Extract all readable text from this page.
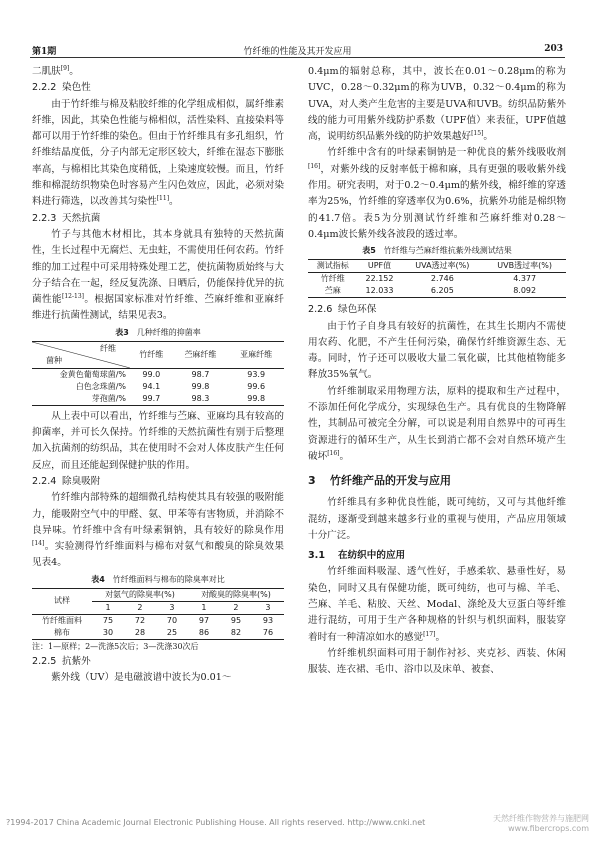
第1期	竹纤维的性能及其开发应用	203

二肌肤[9]。

2.2.2 染色性

由于竹纤维与棉及粘胶纤维的化学组成相似，属纤维素纤维，因此，其染色性能与棉相似，活性染料、直接染料等都可以用于竹纤维的染色。但由于竹纤维具有多孔组织，竹纤维结晶度低，分子内部无定形区较大，纤维在湿态下膨胀率高，与棉相比其染色度稍低，上染速度较慢。而且，竹纤维和棉混纺织物染色时容易产生闪色效应，因此，必须对染料进行筛选，以改善其匀染性[11]。

2.2.3 天然抗菌

竹子与其他木材相比，其本身就具有独特的天然抗菌性，生长过程中无腐烂、无虫蛀，不需使用任何农药。竹纤维的加工过程中可采用特殊处理工艺，使抗菌物质始终与大分子结合在一起，经反复洗涤、日晒后，仍能保持优异的抗菌性能[12-13]。根据国家标准对竹纤维、苎麻纤维和亚麻纤维进行抗菌性测试，结果见表3。

表3 几种纤维的抑菌率
纤维
菌种	竹纤维	苎麻纤维	亚麻纤维
金黄色葡萄球菌/%	99.0	98.7	93.9
白色念珠菌/%	94.1	99.8	99.6
芽孢菌/%	99.7	98.3	99.8

从上表中可以看出，竹纤维与苎麻、亚麻均具有较高的抑菌率，并可长久保持。竹纤维的天然抗菌性有别于后整理加入抗菌剂的纺织品，其在使用时不会对人体皮肤产生任何反应，而且还能起到保健护肤的作用。

2.2.4 除臭吸附

竹纤维内部特殊的超细微孔结构使其具有较强的吸附能力，能吸附空气中的甲醛、氨、甲苯等有害物质，并消除不良异味。竹纤维中含有叶绿素铜钠，具有较好的除臭作用[14]。实验测得竹纤维面料与棉布对氨气和酸臭的除臭效果见表4。

表4 竹纤维面料与棉布的除臭率对比
试样	对氨气的除臭率(%)			对酸臭的除臭率(%)		
	1	2	3	1	2	3
竹纤维面料	75	72	70	97	95	93
棉布	30	28	25	86	82	76
注：1—原样；2—洗涤5次后；3—洗涤30次后
2.2.5 抗紫外

紫外线（UV）是电磁波谱中波长为0.01～

0.4μm的辐射总称，其中，波长在0.01～0.28μm的称为UVC，0.28～0.32μm的称为UVB，0.32～0.4μm的称为UVA，对人类产生危害的主要是UVA和UVB。纺织品防紫外线的能力可用紫外线防护系数（UPF值）来表征，UPF值越高，说明纺织品紫外线的防护效果越好[15]。

竹纤维中含有的叶绿素铜钠是一种优良的紫外线吸收剂[16]，对紫外线的反射率低于棉和麻，具有更强的吸收紫外线作用。研究表明，对于0.2～0.4μm的紫外线，棉纤维的穿透率为25%，竹纤维的穿透率仅为0.6%，抗紫外功能是棉织物的41.7倍。表5为分别测试竹纤维和苎麻纤维对0.28～0.4μm波长紫外线各波段的透过率。

表5 竹纤维与苎麻纤维抗紫外线测试结果
测试指标	UPF值	UVA透过率(%)	UVB透过率(%)
竹纤维	22.152	2.746	4.377
苎麻	12.033	6.205	8.092
2.2.6 绿色环保

由于竹子自身具有较好的抗菌性，在其生长期内不需使用农药、化肥，不产生任何污染，确保竹纤维资源生态、无毒。同时，竹子还可以吸收大量二氧化碳，比其他植物能多释放35%氧气。

竹纤维制取采用物理方法，原料的提取和生产过程中，不添加任何化学成分，实现绿色生产。具有优良的生物降解性，其制品可被完全分解，可以说是利用自然界中的可再生资源进行的循环生产，从生长到消亡都不会对自然环境产生破坏[16]。

3 竹纤维产品的开发与应用

竹纤维具有多种优良性能，既可纯纺，又可与其他纤维混纺，逐渐受到越来越多行业的重视与使用，产品应用领域十分广泛。

3.1 在纺织中的应用

竹纤维面料吸湿、透气性好，手感柔软、悬垂性好，易染色，同时又具有保健功能，既可纯纺，也可与棉、羊毛、苎麻、羊毛、粘胶、天丝、Modal、涤纶及大豆蛋白等纤维进行混纺，可用于生产各种规格的针织与机织面料，服装穿着时有一种清凉如水的感觉[17]。

竹纤维机织面料可用于制作衬衫、夹克衫、西装、休闲服装、连衣裙、毛巾、浴巾以及床单、被套、

?1994-2017 China Academic Journal Electronic Publishing House. All rights reserved. http://www.cnki.net	天然纤维作物营养与施肥网
www.fibercrops.com
